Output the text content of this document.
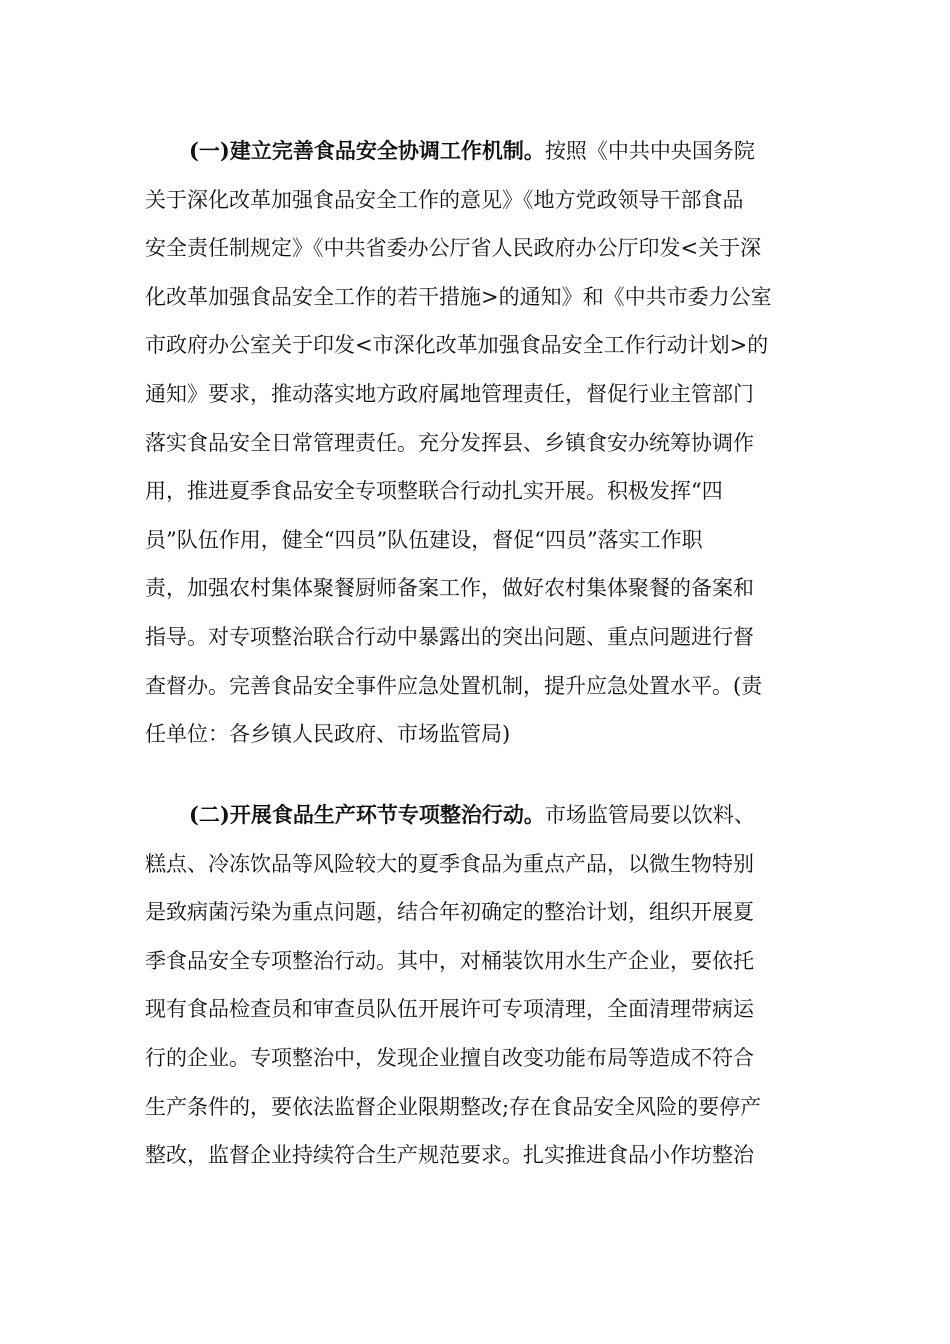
(一)建立完善食品安全协调工作机制。按照《中共中央国务院
关于深化改革加强食品安全工作的意见》《地方党政领导干部食品
安全责任制规定》《中共省委办公厅省人民政府办公厅印发<关于深
化改革加强食品安全工作的若干措施>的通知》和《中共市委力公室
市政府办公室关于印发<市深化改革加强食品安全工作行动计划>的
通知》要求，推动落实地方政府属地管理责任，督促行业主管部门
落实食品安全日常管理责任。充分发挥县、乡镇食安办统筹协调作
用，推进夏季食品安全专项整联合行动扎实开展。积极发挥“四
员”队伍作用，健全“四员”队伍建设，督促“四员”落实工作职
责，加强农村集体聚餐厨师备案工作，做好农村集体聚餐的备案和
指导。对专项整治联合行动中暴露出的突出问题、重点问题进行督
查督办。完善食品安全事件应急处置机制，提升应急处置水平。(责
任单位：各乡镇人民政府、市场监管局)
(二)开展食品生产环节专项整治行动。市场监管局要以饮料、
糕点、冷冻饮品等风险较大的夏季食品为重点产品，以微生物特别
是致病菌污染为重点问题，结合年初确定的整治计划，组织开展夏
季食品安全专项整治行动。其中，对桶装饮用水生产企业，要依托
现有食品检查员和审查员队伍开展许可专项清理，全面清理带病运
行的企业。专项整治中，发现企业擅自改变功能布局等造成不符合
生产条件的，要依法监督企业限期整改;存在食品安全风险的要停产
整改，监督企业持续符合生产规范要求。扎实推进食品小作坊整治
